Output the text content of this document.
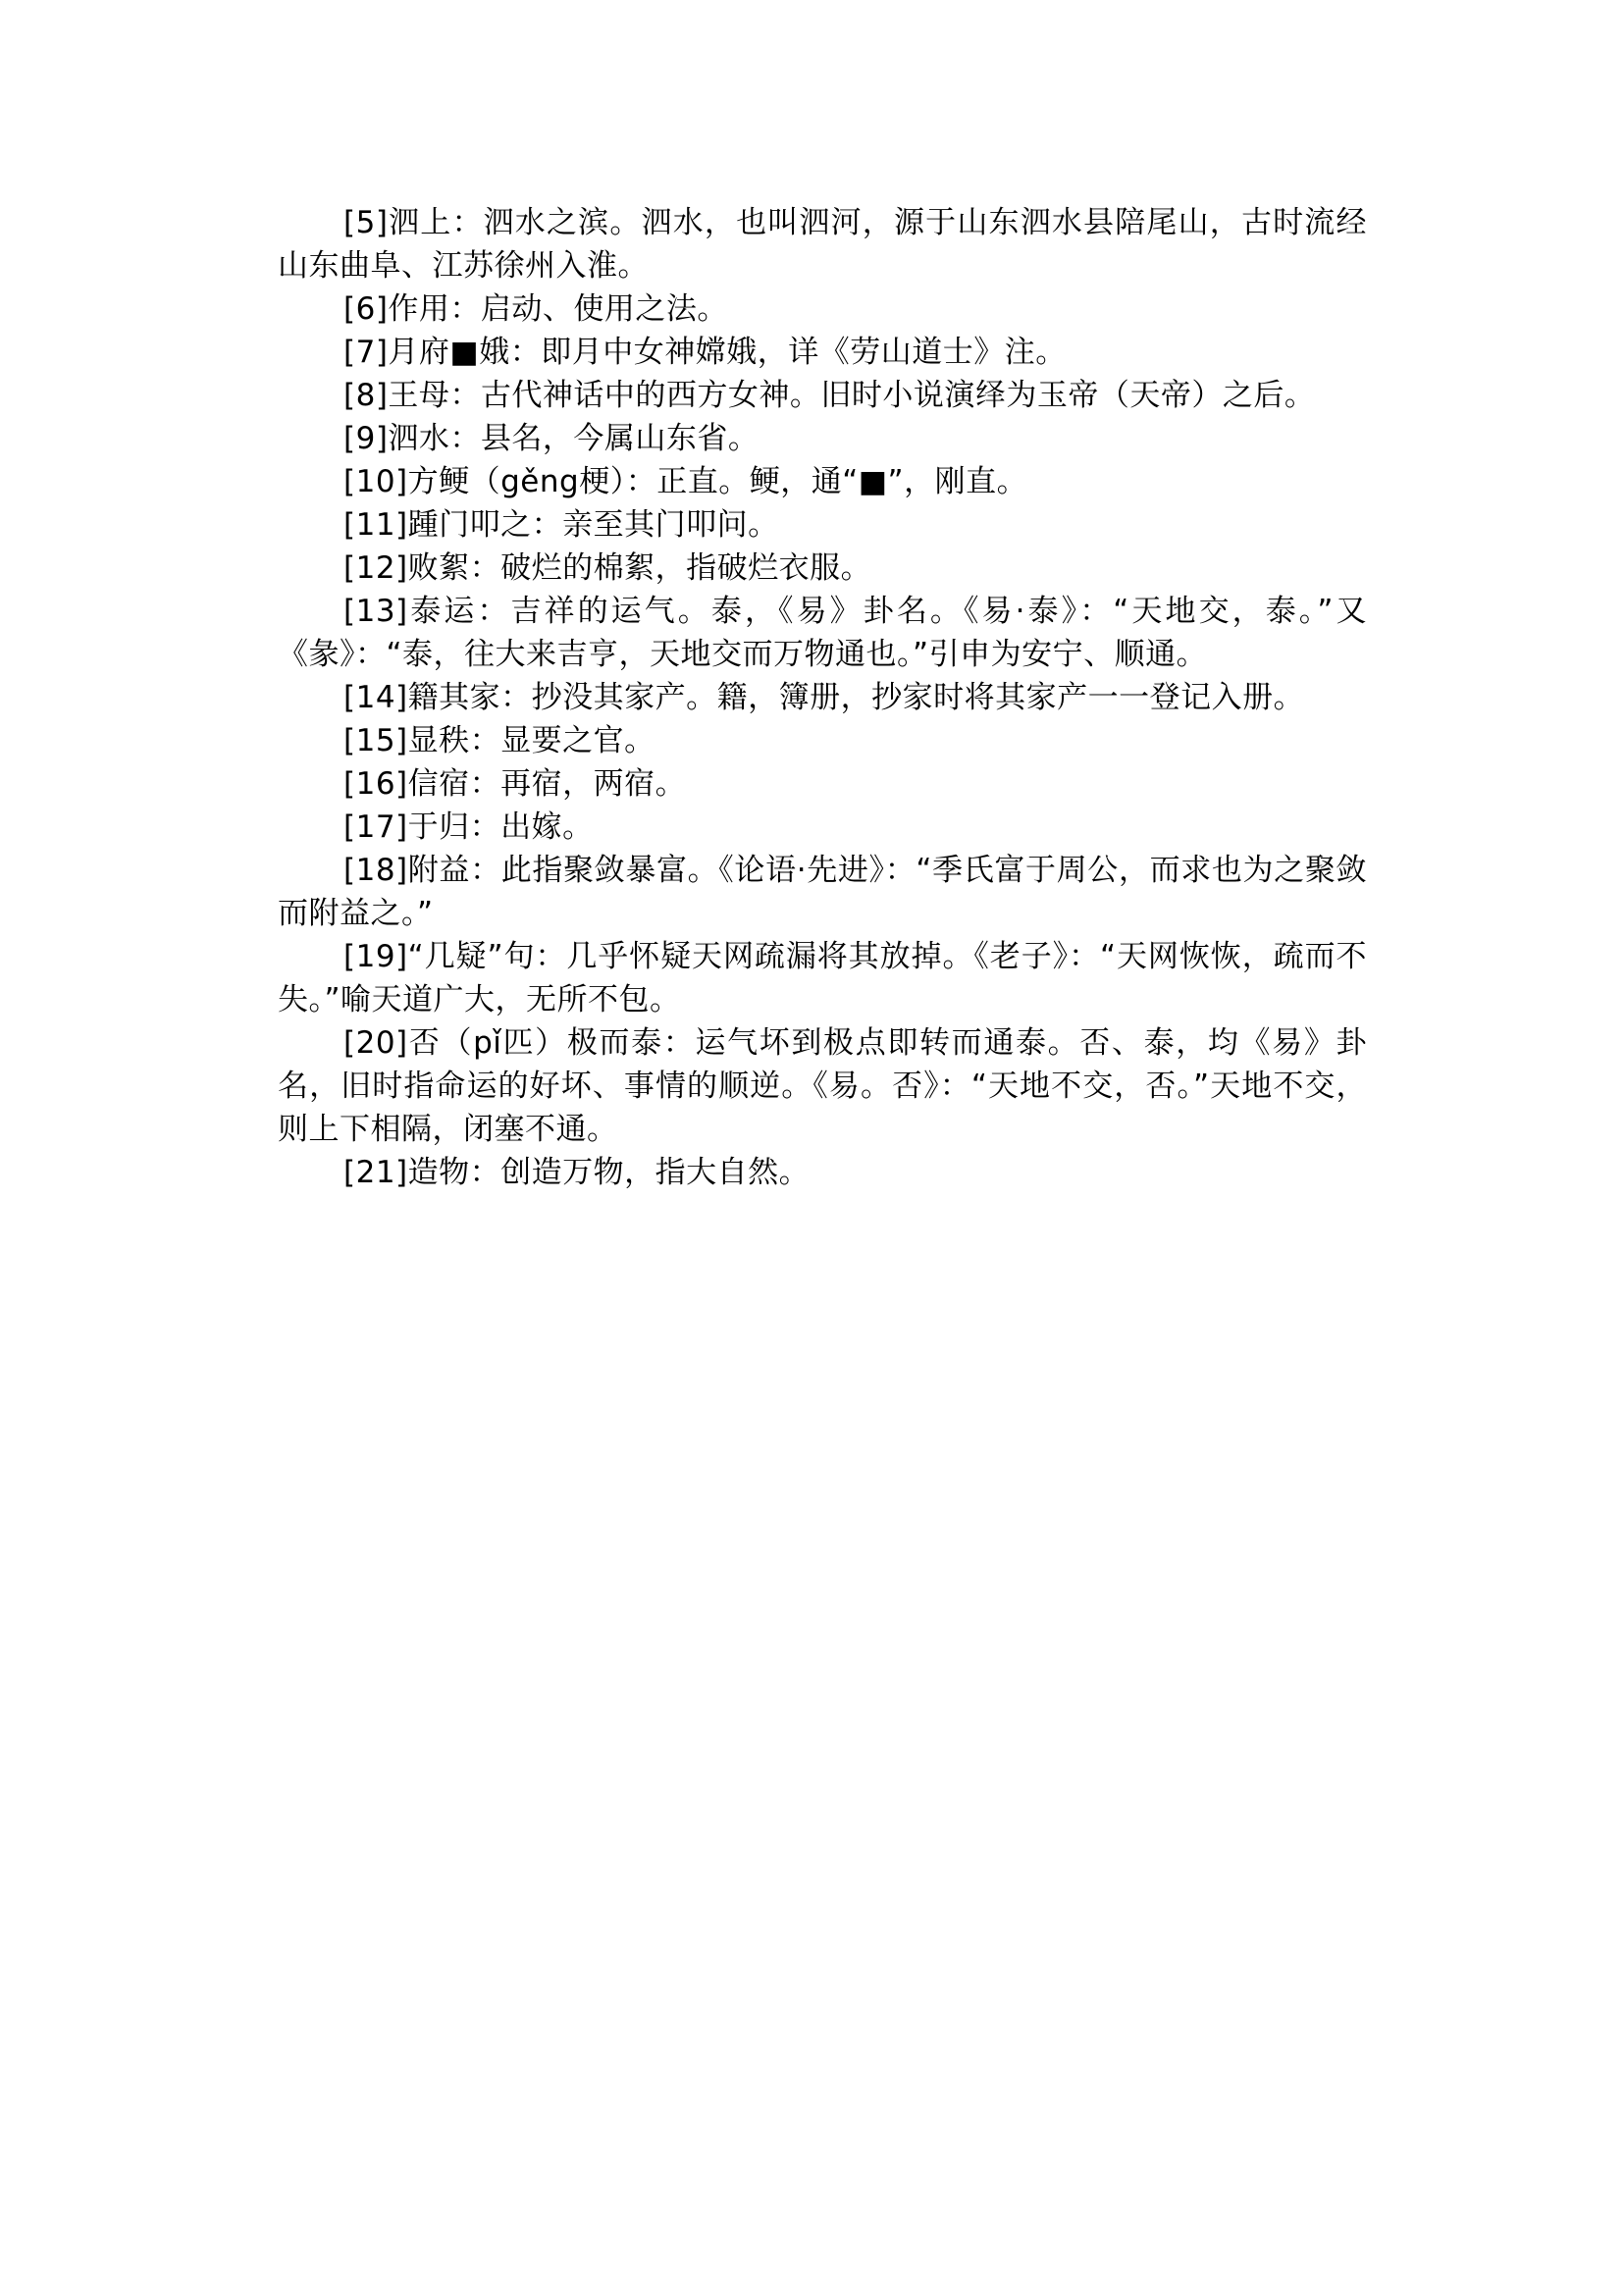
[5]泗上：泗水之滨。泗水，也叫泗河，源于山东泗水县陪尾山，古时流经山东曲阜、江苏徐州入淮。

[6]作用：启动、使用之法。

[7]月府■娥：即月中女神嫦娥，详《劳山道士》注。

[8]王母：古代神话中的西方女神。旧时小说演绎为玉帝（天帝）之后。

[9]泗水：县名，今属山东省。

[10]方鲠（gěng梗）：正直。鲠，通“■”，刚直。

[11]踵门叩之：亲至其门叩问。

[12]败絮：破烂的棉絮，指破烂衣服。

[13]泰运：吉祥的运气。泰，《易》卦名。《易·泰》：“天地交，泰。”又《彖》：“泰，往大来吉亨，天地交而万物通也。”引申为安宁、顺通。

[14]籍其家：抄没其家产。籍，簿册，抄家时将其家产一一登记入册。

[15]显秩：显要之官。

[16]信宿：再宿，两宿。

[17]于归：出嫁。

[18]附益：此指聚敛暴富。《论语·先进》：“季氏富于周公，而求也为之聚敛而附益之。”

[19]“几疑”句：几乎怀疑天网疏漏将其放掉。《老子》：“天网恢恢，疏而不失。”喻天道广大，无所不包。

[20]否（pǐ匹）极而泰：运气坏到极点即转而通泰。否、泰，均《易》卦名，旧时指命运的好坏、事情的顺逆。《易。否》：“天地不交，否。”天地不交，则上下相隔，闭塞不通。

[21]造物：创造万物，指大自然。
